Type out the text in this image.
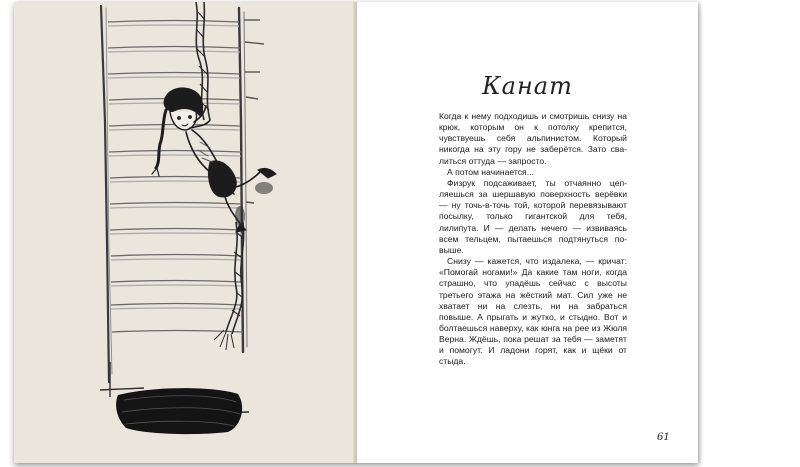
Канат

Когда к нему подходишь и смотришь снизу на крюк, которым он к потолку крепится, чувствуешь себя альпинистом. Который никогда на эту гору не заберётся. Зато свалиться оттуда — запросто.

А потом начинается...

Физрук подсаживает, ты отчаянно цепляешься за шершавую поверхность верёвки — ну точь-в-точь той, которой перевязывают посылку, только гигантской для тебя, лилипута. И — делать нечего — извиваясь всем тельцем, пытаешься подтянуться повыше.

Снизу — кажется, что издалека, — кричат: «Помогай ногами!» Да какие там ноги, когда страшно, что упадёшь сейчас с высоты третьего этажа на жёсткий мат. Сил уже не хватает ни на слезть, ни на забраться повыше. А прыгать и жутко, и стыдно. Вот и болтаешься наверху, как юнга на рее из Жюля Верна. Ждёшь, пока решат за тебя — заметят и помогут. И ладони горят, как и щёки от стыда.

61
